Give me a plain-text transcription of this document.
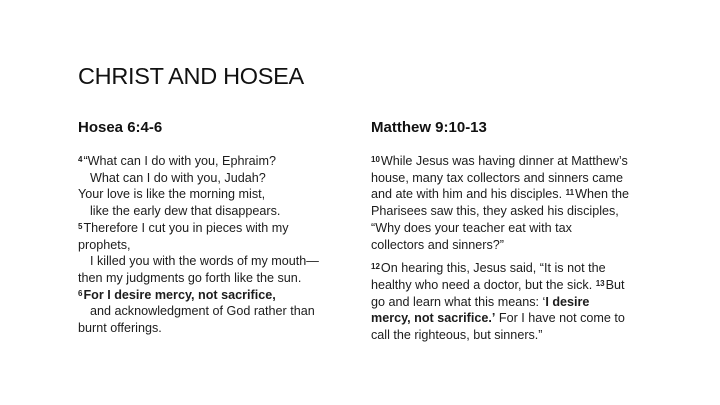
CHRIST AND HOSEA
Hosea 6:4-6
$^4$“What can I do with you, Ephraim?
What can I do with you, Judah?
Your love is like the morning mist,
like the early dew that disappears.
$^5$Therefore I cut you in pieces with my
prophets,
I killed you with the words of my mouth—
then my judgments go forth like the sun.
$^6$For I desire mercy, not sacrifice,
and acknowledgment of God rather than
burnt offerings.
Matthew 9:10-13
$^{10}$While Jesus was having dinner at Matthew’s
house, many tax collectors and sinners came
and ate with him and his disciples. $^{11}$When the
Pharisees saw this, they asked his disciples,
“Why does your teacher eat with tax
collectors and sinners?”
$^{12}$On hearing this, Jesus said, “It is not the
healthy who need a doctor, but the sick. $^{13}$But
go and learn what this means: ‘I desire
mercy, not sacrifice.’ For I have not come to
call the righteous, but sinners.”
